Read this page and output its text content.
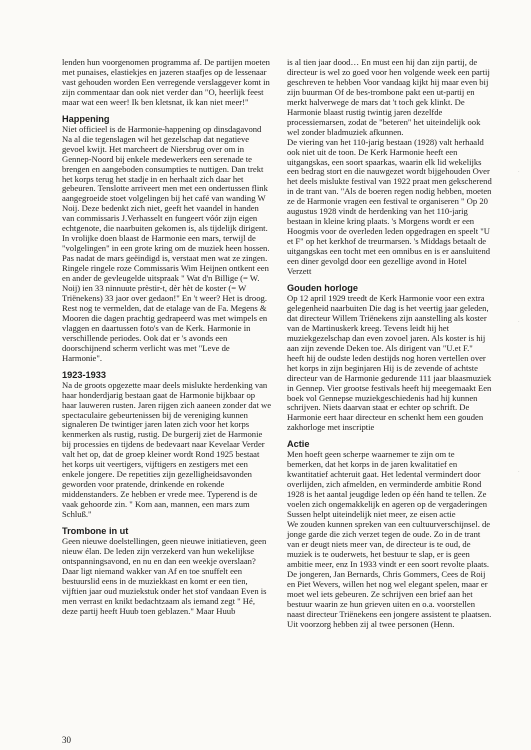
lenden hun voorgenomen programma af. De partijen moeten met punaises, elastiekjes en jazeren staafjes op de lessenaar vast gehouden worden Een verregende verslaggever komt in zijn commentaar dan ook niet verder dan "O, heerlijk feest maar wat een weer! Ik ben kletsnat, ik kan niet meer!"

Happening

Niet officieel is de Harmonie-happening op dinsdagavond Na al die tegenslagen wil het gezelschap dat negatieve gevoel kwijt. Het marcheert de Niersbrug over om in Gennep-Noord bij enkele medewerkers een serenade te brengen en aangeboden consumpties te nuttigen. Dan trekt het korps terug het stadje in en herhaalt zich daar het gebeuren. Tenslotte arriveert men met een ondertussen flink aangegroeide stoet volgelingen bij het café van wanding W Noij. Deze bedenkt zich niet, geeft het vaandel in handen van commissaris J.Verhasselt en fungeert vóór zijn eigen echtgenote, die naarbuiten gekomen is, als tijdelijk dirigent.

In vrolijke doen blaast de Harmonie een mars, terwijl de "volgelingen" in een grote kring om de muziek heen hossen. Pas nadat de mars geëindigd is, verstaat men wat ze zingen. Ringele ringele roze Commissaris Wim Heijnen ontkent een en ander de gevleugelde uitspraak " Wat d'n Billige (= W. Noij) ien 33 ninnuute prèstir-t, dèr hèt de koster (= W Triënekens) 33 jaor over gedaon!" En 't weer? Het is droog.

Rest nog te vermelden, dat de etalage van de Fa. Megens & Mooren die dagen prachtig gedrapeerd was met wimpels en vlaggen en daartussen foto's van de Kerk. Harmonie in verschillende periodes. Ook dat er 's avonds een doorschijnend scherm verlicht was met "Leve de Harmonie".

1923-1933

Na de groots opgezette maar deels mislukte herdenking van haar honderdjarig bestaan gaat de Harmonie bijkbaar op haar lauweren rusten. Jaren rijgen zich aaneen zonder dat we spectaculaire gebeurtenissen bij de vereniging kunnen signaleren De twintiger jaren laten zich voor het korps kenmerken als rustig, rustig. De burgerij ziet de Harmonie bij processies en tijdens de bedevaart naar Kevelaar Verder valt het op, dat de groep kleiner wordt Rond 1925 bestaat het korps uit veertigers, vijftigers en zestigers met een enkele jongere. De repetities zijn gezelligheidsavonden geworden voor pratende, drinkende en rokende middenstanders. Ze hebben er vrede mee. Typerend is de vaak gehoorde zin. " Kom aan, mannen, een mars zum Schluß."

Trombone in ut

Geen nieuwe doelstellingen, geen nieuwe initiatieven, geen nieuw élan. De leden zijn verzekerd van hun wekelijkse ontspanningsavond, en nu en dan een weekje overslaan? Daar ligt niemand wakker van Af en toe snuffelt een bestuurslid eens in de muziekkast en komt er een tien, vijftien jaar oud muziekstuk onder het stof vandaan Even is men verrast en knikt bedachtzaam als iemand zegt " Hé, deze partij heeft Huub toen geblazen." Maar Huub

is al tien jaar dood… En must een hij dan zijn partij, de directeur is wel zo goed voor hen volgende week een partij geschreven te hebben Voor vandaag kijkt hij maar even bij zijn buurman Of de bes-trombone pakt een ut-partij en merkt halverwege de mars dat 't toch gek klinkt. De Harmonie blaast rustig twintig jaren dezelfde processiemarsen, zodat de "beteren" het uiteindelijk ook wel zonder bladmuziek afkunnen.

De viering van het 110-jarig bestaan (1928) valt herhaald ook niet uit de toon. De Kerk Harmonie heeft een uitgangskas, een soort spaarkas, waarin elk lid wekelijks een bedrag stort en die nauwgezet wordt bijgehouden Over het deels mislukte festival van 1922 praat men gekscherend in de trant van. "Als de boeren regen nodig hebben, moeten ze de Harmonie vragen een festival te organiseren " Op 20 augustus 1928 vindt de herdenking van het 110-jarig bestaan in kleine kring plaats. 's Morgens wordt er een Hoogmis voor de overleden leden opgedragen en speelt "U et F" op het kerkhof de treurmarsen. 's Middags betaalt de uitgangskas een tocht met een omnibus en is er aansluitend een diner gevolgd door een gezellige avond in Hotel Verzett

Gouden horloge

Op 12 april 1929 treedt de Kerk Harmonie voor een extra gelegenheid naarbuiten Die dag is het veertig jaar geleden, dat directeur Willem Triënekens zijn aanstelling als koster van de Martinuskerk kreeg. Tevens leidt hij het muziekgezelschap dan even zovoel jaren. Als koster is hij aan zijn zevende Deken toe. Als dirigent van "U.et F." heeft hij de oudste leden destijds nog horen vertellen over het korps in zijn beginjaren Hij is de zevende of achtste directeur van de Harmonie gedurende 111 jaar blaasmuziek in Gennep. Vier grootse festivals heeft hij meegemaakt Een boek vol Gennepse muziekgeschiedenis had hij kunnen schrijven. Niets daarvan staat er echter op schrift. De Harmonie eert haar directeur en schenkt hem een gouden zakhorloge met inscriptie

Actie

Men hoeft geen scherpe waarnemer te zijn om te bemerken, dat het korps in de jaren kwalitatief en kwantitatief achteruit gaat. Het ledental vermindert door overlijden, zich afmelden, en verminderde ambitie Rond 1928 is het aantal jeugdige leden op één hand te tellen. Ze voelen zich ongemakkelijk en ageren op de vergaderingen Sussen helpt uiteindelijk niet meer, ze eisen actie

We zouden kunnen spreken van een cultuurverschijnsel. de jonge garde die zich verzet tegen de oude. Zo in de trant van er deugt niets meer van, de directeur is te oud, de muziek is te ouderwets, het bestuur te slap, er is geen ambitie meer, enz In 1933 vindt er een soort revolte plaats. De jongeren, Jan Bernards, Chris Gommers, Cees de Roij en Piet Wevers, willen het nog wel elegant spelen, maar er moet wel iets gebeuren. Ze schrijven een brief aan het bestuur waarin ze hun grieven uiten en o.a. voorstellen naast directeur Triënekens een jongere assistent te plaatsen.

Uit voorzorg hebben zij al twee personen (Henn.

30
·
·
·
